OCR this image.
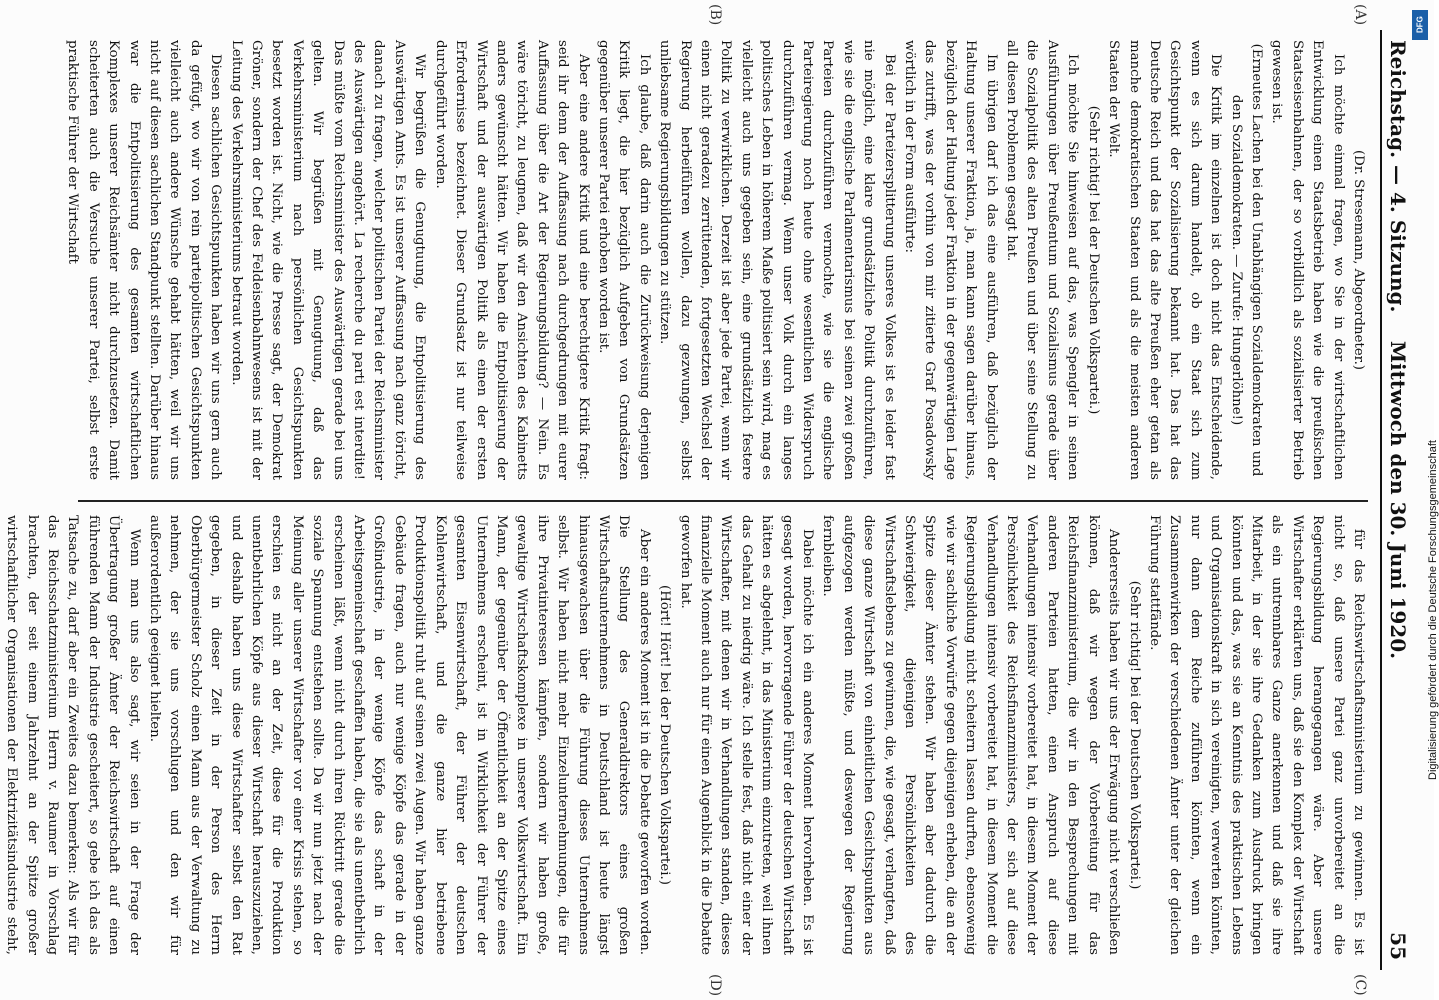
Reichstag. — 4. Sitzung.
Mittwoch den 30. Juni 1920.
55

(Dr. Stresemann, Abgeordneter.)

Ich möchte einmal fragen, wo Sie in der wirtschaftlichen Entwicklung einen Staatsbetrieb haben wie die preußischen Staatseisenbahnen, der so vorbildlich als sozialisierter Betrieb gewesen ist.

(Erneutes Lachen bei den Unabhängigen Sozialdemokraten und den Sozialdemokraten. — Zurufe: Hungerlöhne!)

Die Kritik im einzelnen ist doch nicht das Entscheidende, wenn es sich darum handelt, ob ein Staat sich zum Gesichtspunkt der Sozialisierung bekannt hat. Das hat das Deutsche Reich und das hat das alte Preußen eher getan als manche demokratischen Staaten und als die meisten anderen Staaten der Welt.

(Sehr richtig! bei der Deutschen Volkspartei.)

Ich möchte Sie hinweisen auf das, was Spengler in seinen Ausführungen über Preußentum und Sozialismus gerade über die Sozialpolitik des alten Preußen und über seine Stellung zu all diesen Problemen gesagt hat.

Im übrigen darf ich das eine ausführen, daß bezüglich der Haltung unserer Fraktion, ja, man kann sagen darüber hinaus, bezüglich der Haltung jeder Fraktion in der gegenwärtigen Lage das zutrifft, was der vorhin von mir zitierte Graf Posadowsky wörtlich in der Form ausführte:

Bei der Parteizersplitterung unseres Volkes ist es leider fast nie möglich, eine klare grundsätzliche Politik durchzuführen, wie sie die englische Parlamentarismus bei seinen zwei großen Parteien durchzuführen vermochte, wie sie die englische Parteiregierung noch heute ohne wesentlichen Widerspruch durchzuführen vermag. Wenn unser Volk durch ein langes politisches Leben in höherem Maße politisiert sein wird, mag es vielleicht auch uns gegeben sein, eine grundsätzlich festere Politik zu verwirklichen. Derzeit ist aber jede Partei, wenn wir einen nicht geradezu zerrüttenden, fortgesetzten Wechsel der Regierung herbeiführen wollen, dazu gezwungen, selbst unliebsame Regierungsbildungen zu stützen.

Ich glaube, daß darin auch die Zurückweisung derjenigen Kritik liegt, die hier bezüglich Aufgeben von Grundsätzen gegenüber unserer Partei erhoben worden ist.

Aber eine andere Kritik und eine berechtigtere Kritik fragt: seid ihr denn der Auffassung nach durchgedrungen mit eurer Auffassung über die Art der Regierungsbildung? — Nein. Es wäre töricht, zu leugnen, daß wir den Ansichten des Kabinetts anders gewünscht hätten. Wir haben die Entpolitisierung der Wirtschaft und der auswärtigen Politik als einen der ersten Erfordernisse bezeichnet. Dieser Grundsatz ist nur teilweise durchgeführt worden.

Wir begrüßen die Genugtuung, die Entpolitisierung des Auswärtigen Amts. Es ist unserer Auffassung nach ganz töricht, danach zu fragen, welcher politischen Partei der Reichsminister des Auswärtigen angehört. La recherche du parti est interdite! Das müßte vom Reichsminister des Auswärtigen gerade bei uns gelten. Wir begrüßen mit Genugtuung, daß das Verkehrsministerium nach persönlichen Gesichtspunkten besetzt worden ist. Nicht, wie die Presse sagt, der Demokrat Gröner, sondern der Chef des Feldeisenbahnwesens ist mit der Leitung des Verkehrsministeriums betraut worden.

Diesen sachlichen Gesichtspunkten haben wir uns gern auch da gefügt, wo wir von rein parteipolitischen Gesichtspunkten vielleicht auch andere Wünsche gehabt hätten, weil wir uns nicht auf diesen sachlichen Standpunkt stellten. Darüber hinaus war die Entpolitisierung des gesamten wirtschaftlichen Komplexes unserer Reichsämter nicht durchzusetzen. Damit scheiterten auch die Versuche unserer Partei, selbst erste praktische Führer der Wirtschaft

für das Reichswirtschaftsministerium zu gewinnen. Es ist nicht so, daß unsere Partei ganz unvorbereitet an die Regierungsbildung herangegangen wäre. Aber unsere Wirtschafter erklärten uns, daß sie den Komplex der Wirtschaft als ein untrennbares Ganze anerkennen und daß sie ihre Mitarbeit, in der sie ihre Gedanken zum Ausdruck bringen könnten und das, was sie an Kenntnis des praktischen Lebens und Organisationskraft in sich vereinigten, verwerten könnten, nur dann dem Reiche zuführen könnten, wenn ein Zusammenwirken der verschiedenen Ämter unter der gleichen Führung stattfände.

(Sehr richtig! bei der Deutschen Volkspartei.)

Andererseits haben wir uns der Erwägung nicht verschließen können, daß wir wegen der Vorbereitung für das Reichsfinanzministerium, die wir in den Besprechungen mit anderen Parteien hatten, einen Anspruch auf diese Verhandlungen intensiv vorbereitet hat, in diesem Moment der Persönlichkeit des Reichsfinanzministers, der sich auf diese Verhandlungen intensiv vorbereitet hat, in diesem Moment die Regierungsbildung nicht scheitern lassen durften, ebensowenig wie wir sachliche Vorwürfe gegen diejenigen erheben, die an der Spitze dieser Ämter stehen. Wir haben aber dadurch die Schwierigkeit, diejenigen Persönlichkeiten des Wirtschaftslebens zu gewinnen, die, wie gesagt, verlangten, daß diese ganze Wirtschaft von einheitlichen Gesichtspunkten aus aufgezogen werden müßte, und deswegen der Regierung fernbleiben.

Dabei möchte ich ein anderes Moment hervorheben. Es ist gesagt worden, hervorragende Führer der deutschen Wirtschaft hätten es abgelehnt, in das Ministerium einzutreten, weil ihnen das Gehalt zu niedrig wäre. Ich stelle fest, daß nicht einer der Wirtschafter, mit denen wir in Verhandlungen standen, dieses finanzielle Moment auch nur für einen Augenblick in die Debatte geworfen hat.

(Hört! Hört! bei der Deutschen Volkspartei.)

Aber ein anderes Moment ist in die Debatte geworfen worden. Die Stellung des Generaldirektors eines großen Wirtschaftsunternehmens in Deutschland ist heute längst hinausgewachsen über die Führung dieses Unternehmens selbst. Wir haben nicht mehr Einzelunternehmungen, die für ihre Privatinteressen kämpfen, sondern wir haben große, gewaltige Wirtschaftskomplexe in unserer Volkswirtschaft. Ein Mann, der gegenüber der Öffentlichkeit an der Spitze eines Unternehmens erscheint, ist in Wirklichkeit der Führer der gesamten Eisenwirtschaft, der Führer der deutschen Kohlenwirtschaft, und die ganze hier betriebene Produktionspolitik ruht auf seinen zwei Augen. Wir haben ganze Gebäude fragen, auch nur wenige Köpfe das gerade in der Großindustrie, in der wenige Köpfe das schaft in der Arbeitsgemeinschaft geschaffen haben, die sie als unentbehrlich erscheinen läßt, wenn nicht durch ihren Rücktritt gerade die soziale Spannung entstehen sollte. Da wir nun jetzt nach der Meinung aller unserer Wirtschafter vor einer Krisis stehen, so erschien es nicht an der Zeit, diese für die Produktion unentbehrlichen Köpfe aus dieser Wirtschaft herauszuziehen, und deshalb haben uns diese Wirtschafter selbst den Rat gegeben, in dieser Zeit in der Person des Herrn Oberbürgermeister Scholz einen Mann aus der Verwaltung zu nehmen, der sie uns vorschlugen und den wir für außerordentlich geeignet hielten.

Wenn man uns also sagt, wir seien in der Frage der Übertragung großer Ämter der Reichswirtschaft auf einen führenden Mann der Industrie gescheitert, so gebe ich das als Tatsache zu, darf aber ein Zweites dazu bemerken: Als wir für das Reichsschatzministerium Herrn v. Raumer in Vorschlag brachten, der seit einem Jahrzehnt an der Spitze großer wirtschaftlicher Organisationen der Elektrizitätsindustrie steht,

(A)
(B)
(C)
(D)
DFG
Digitalisierung gefördert durch die Deutsche Forschungsgemeinschaft
